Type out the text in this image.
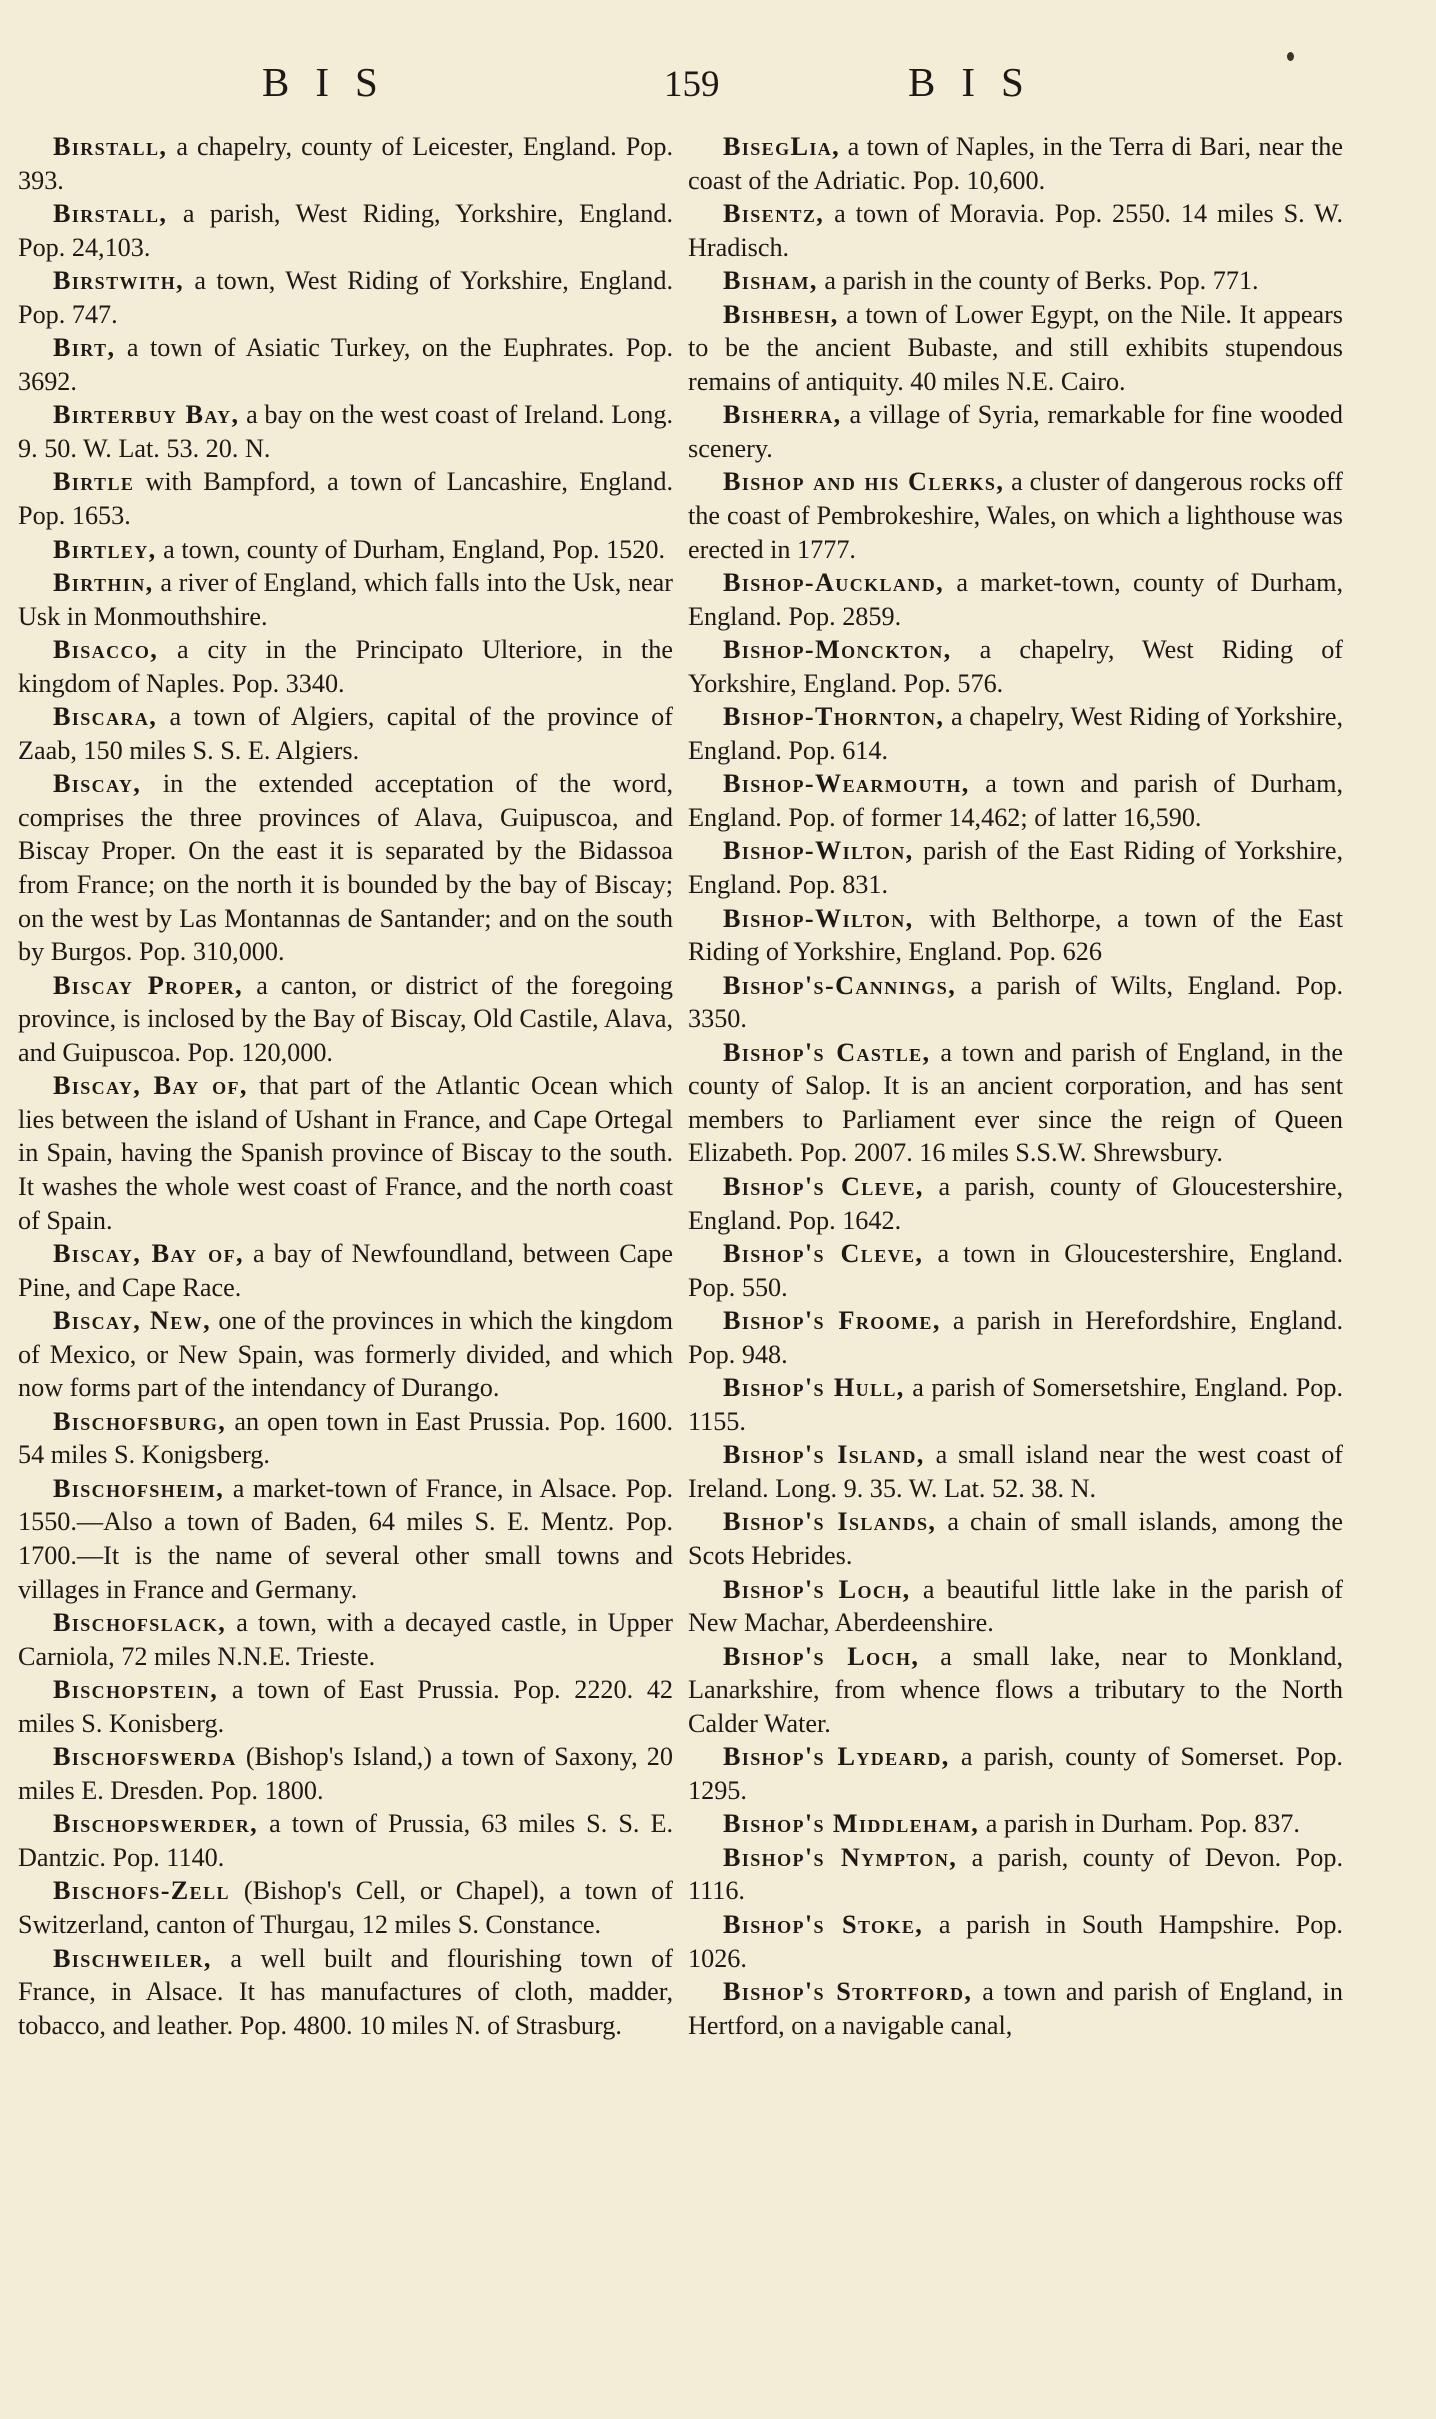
BIS	159	BIS

Birstall, a chapelry, county of Leicester, England. Pop. 393.

Birstall, a parish, West Riding, Yorkshire, England. Pop. 24,103.

Birstwith, a town, West Riding of Yorkshire, England. Pop. 747.

Birt, a town of Asiatic Turkey, on the Euphrates. Pop. 3692.

Birterbuy Bay, a bay on the west coast of Ireland. Long. 9. 50. W. Lat. 53. 20. N.

Birtle with Bampford, a town of Lancashire, England. Pop. 1653.

Birtley, a town, county of Durham, England, Pop. 1520.

Birthin, a river of England, which falls into the Usk, near Usk in Monmouthshire.

Bisacco, a city in the Principato Ulteriore, in the kingdom of Naples. Pop. 3340.

Biscara, a town of Algiers, capital of the province of Zaab, 150 miles S. S. E. Algiers.

Biscay, in the extended acceptation of the word, comprises the three provinces of Alava, Guipuscoa, and Biscay Proper. On the east it is separated by the Bidassoa from France; on the north it is bounded by the bay of Biscay; on the west by Las Montannas de Santander; and on the south by Burgos. Pop. 310,000.

Biscay Proper, a canton, or district of the foregoing province, is inclosed by the Bay of Biscay, Old Castile, Alava, and Guipuscoa. Pop. 120,000.

Biscay, Bay of, that part of the Atlantic Ocean which lies between the island of Ushant in France, and Cape Ortegal in Spain, having the Spanish province of Biscay to the south. It washes the whole west coast of France, and the north coast of Spain.

Biscay, Bay of, a bay of Newfoundland, between Cape Pine, and Cape Race.

Biscay, New, one of the provinces in which the kingdom of Mexico, or New Spain, was formerly divided, and which now forms part of the intendancy of Durango.

Bischofsburg, an open town in East Prussia. Pop. 1600. 54 miles S. Konigsberg.

Bischofsheim, a market-town of France, in Alsace. Pop. 1550.—Also a town of Baden, 64 miles S. E. Mentz. Pop. 1700.—It is the name of several other small towns and villages in France and Germany.

Bischofslack, a town, with a decayed castle, in Upper Carniola, 72 miles N.N.E. Trieste.

Bischopstein, a town of East Prussia. Pop. 2220. 42 miles S. Konisberg.

Bischofswerda (Bishop's Island,) a town of Saxony, 20 miles E. Dresden. Pop. 1800.

Bischopswerder, a town of Prussia, 63 miles S. S. E. Dantzic. Pop. 1140.

Bischofs-Zell (Bishop's Cell, or Chapel), a town of Switzerland, canton of Thurgau, 12 miles S. Constance.

Bischweiler, a well built and flourishing town of France, in Alsace. It has manufactures of cloth, madder, tobacco, and leather. Pop. 4800. 10 miles N. of Strasburg.

BisegLia, a town of Naples, in the Terra di Bari, near the coast of the Adriatic. Pop. 10,600.

Bisentz, a town of Moravia. Pop. 2550. 14 miles S. W. Hradisch.

Bisham, a parish in the county of Berks. Pop. 771.

Bishbesh, a town of Lower Egypt, on the Nile. It appears to be the ancient Bubaste, and still exhibits stupendous remains of antiquity. 40 miles N.E. Cairo.

Bisherra, a village of Syria, remarkable for fine wooded scenery.

Bishop and his Clerks, a cluster of dangerous rocks off the coast of Pembrokeshire, Wales, on which a lighthouse was erected in 1777.

Bishop-Auckland, a market-town, county of Durham, England. Pop. 2859.

Bishop-Monckton, a chapelry, West Riding of Yorkshire, England. Pop. 576.

Bishop-Thornton, a chapelry, West Riding of Yorkshire, England. Pop. 614.

Bishop-Wearmouth, a town and parish of Durham, England. Pop. of former 14,462; of latter 16,590.

Bishop-Wilton, parish of the East Riding of Yorkshire, England. Pop. 831.

Bishop-Wilton, with Belthorpe, a town of the East Riding of Yorkshire, England. Pop. 626

Bishop's-Cannings, a parish of Wilts, England. Pop. 3350.

Bishop's Castle, a town and parish of England, in the county of Salop. It is an ancient corporation, and has sent members to Parliament ever since the reign of Queen Elizabeth. Pop. 2007. 16 miles S.S.W. Shrewsbury.

Bishop's Cleve, a parish, county of Gloucestershire, England. Pop. 1642.

Bishop's Cleve, a town in Gloucestershire, England. Pop. 550.

Bishop's Froome, a parish in Herefordshire, England. Pop. 948.

Bishop's Hull, a parish of Somersetshire, England. Pop. 1155.

Bishop's Island, a small island near the west coast of Ireland. Long. 9. 35. W. Lat. 52. 38. N.

Bishop's Islands, a chain of small islands, among the Scots Hebrides.

Bishop's Loch, a beautiful little lake in the parish of New Machar, Aberdeenshire.

Bishop's Loch, a small lake, near to Monkland, Lanarkshire, from whence flows a tributary to the North Calder Water.

Bishop's Lydeard, a parish, county of Somerset. Pop. 1295.

Bishop's Middleham, a parish in Durham. Pop. 837.

Bishop's Nympton, a parish, county of Devon. Pop. 1116.

Bishop's Stoke, a parish in South Hampshire. Pop. 1026.

Bishop's Stortford, a town and parish of England, in Hertford, on a navigable canal,
